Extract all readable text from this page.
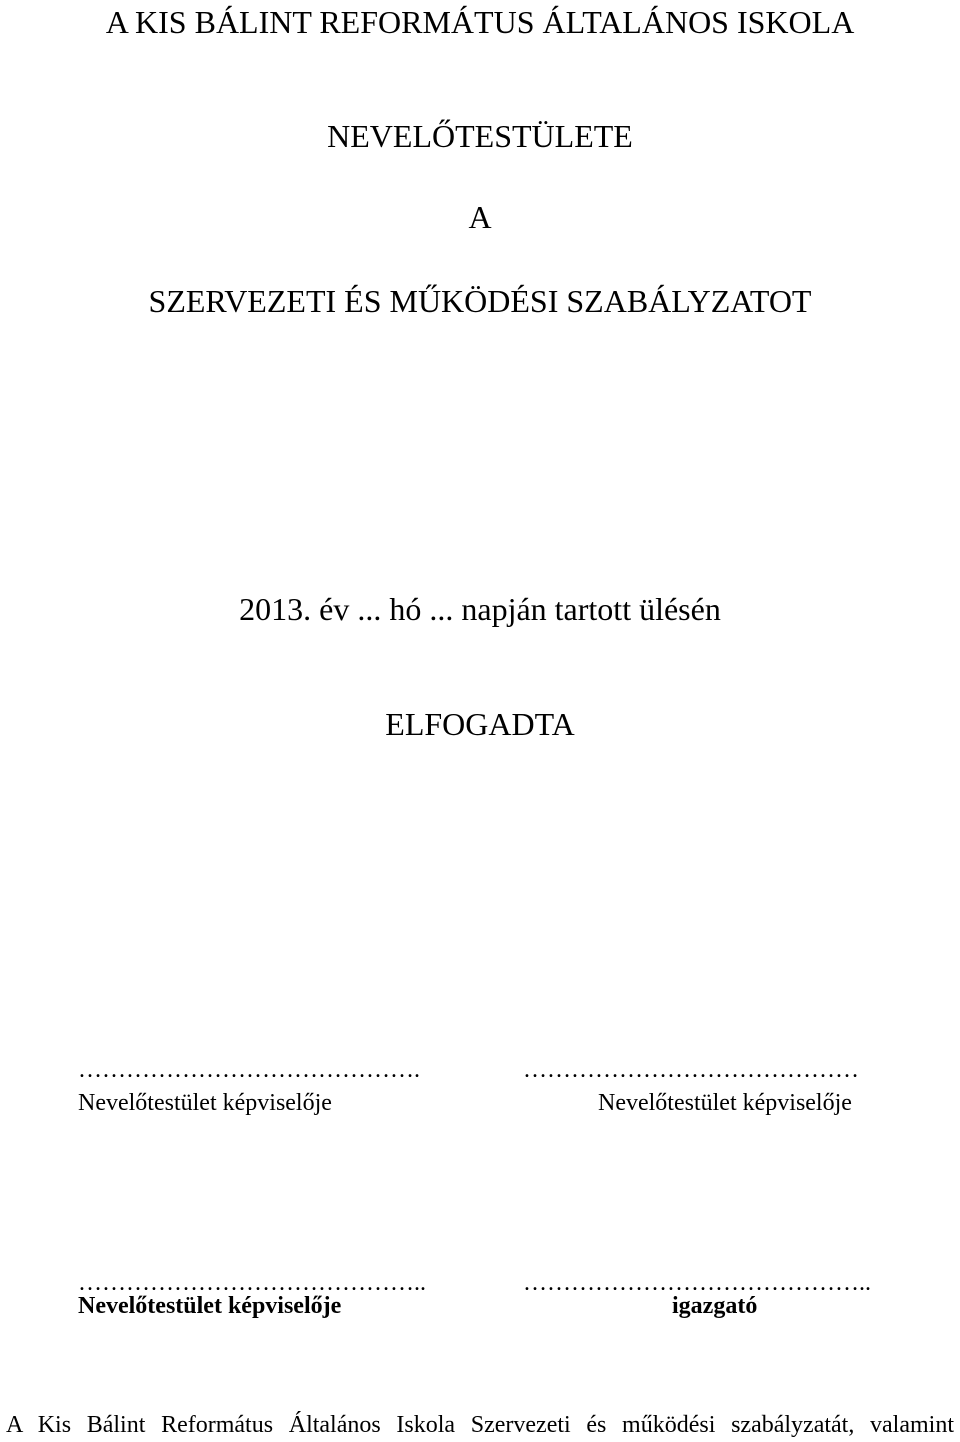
A KIS BÁLINT REFORMÁTUS ÁLTALÁNOS ISKOLA
NEVELŐTESTÜLETE
A
SZERVEZETI ÉS MŰKÖDÉSI SZABÁLYZATOT
2013. év ... hó ... napján tartott ülésén
ELFOGADTA
…………………………………….
Nevelőtestület képviselője
……………………………………
Nevelőtestület képviselője
……………………………………..
Nevelőtestület képviselője
……………………………………..
igazgató
A Kis Bálint Református Általános Iskola Szervezeti és működési szabályzatát, valamint
